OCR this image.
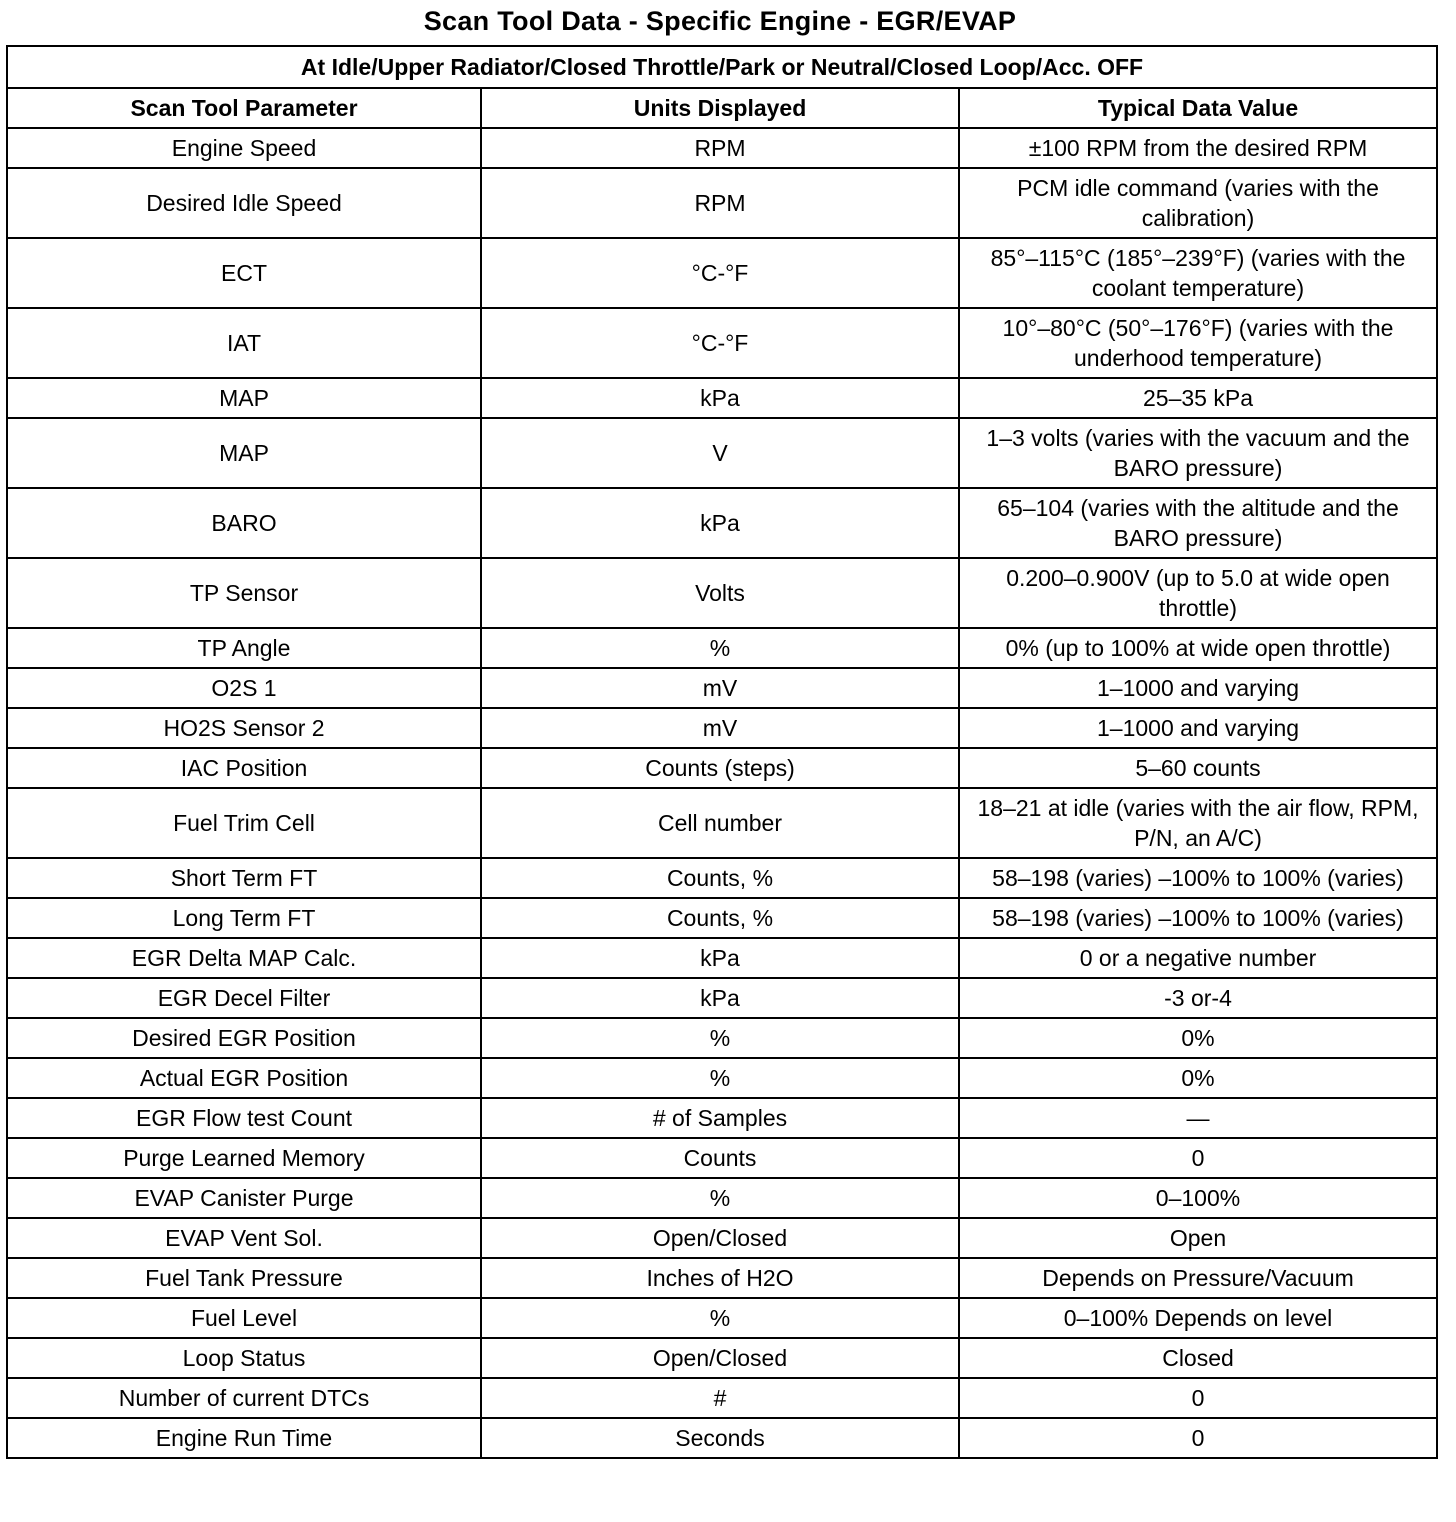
Scan Tool Data - Specific Engine - EGR/EVAP
At Idle/Upper Radiator/Closed Throttle/Park or Neutral/Closed Loop/Acc. OFF		
Scan Tool Parameter	Units Displayed	Typical Data Value
Engine Speed	RPM	±100 RPM from the desired RPM
Desired Idle Speed	RPM	PCM idle command (varies with the calibration)
ECT	°C-°F	85°–115°C (185°–239°F) (varies with the coolant temperature)
IAT	°C-°F	10°–80°C (50°–176°F) (varies with the underhood temperature)
MAP	kPa	25–35 kPa
MAP	V	1–3 volts (varies with the vacuum and the BARO pressure)
BARO	kPa	65–104 (varies with the altitude and the BARO pressure)
TP Sensor	Volts	0.200–0.900V (up to 5.0 at wide open throttle)
TP Angle	%	0% (up to 100% at wide open throttle)
O2S 1	mV	1–1000 and varying
HO2S Sensor 2	mV	1–1000 and varying
IAC Position	Counts (steps)	5–60 counts
Fuel Trim Cell	Cell number	18–21 at idle (varies with the air flow, RPM, P/N, an A/C)
Short Term FT	Counts, %	58–198 (varies) –100% to 100% (varies)
Long Term FT	Counts, %	58–198 (varies) –100% to 100% (varies)
EGR Delta MAP Calc.	kPa	0 or a negative number
EGR Decel Filter	kPa	-3 or-4
Desired EGR Position	%	0%
Actual EGR Position	%	0%
EGR Flow test Count	# of Samples	—
Purge Learned Memory	Counts	0
EVAP Canister Purge	%	0–100%
EVAP Vent Sol.	Open/Closed	Open
Fuel Tank Pressure	Inches of H2O	Depends on Pressure/Vacuum
Fuel Level	%	0–100% Depends on level
Loop Status	Open/Closed	Closed
Number of current DTCs	#	0
Engine Run Time	Seconds	0
